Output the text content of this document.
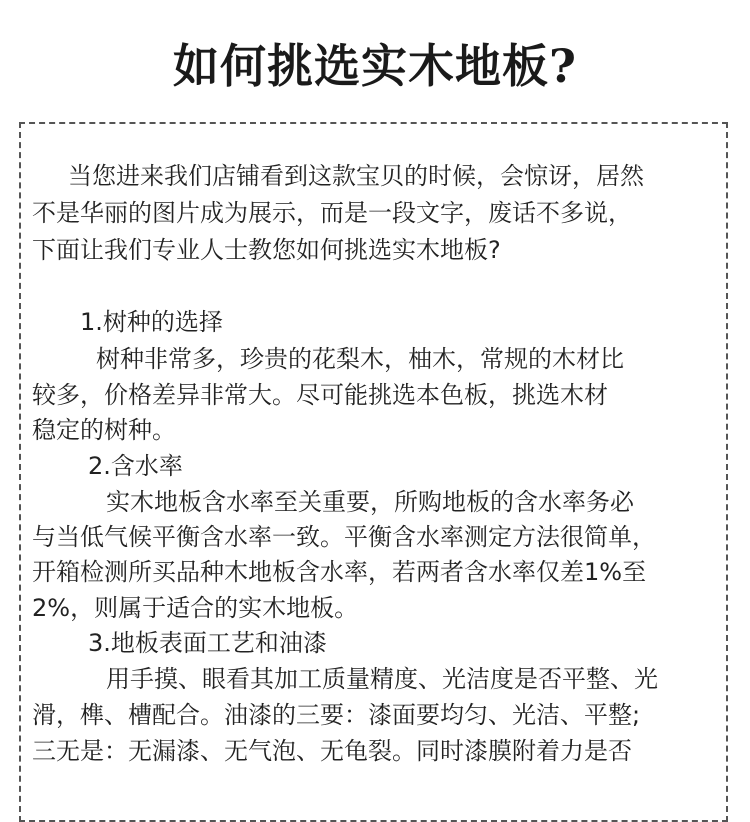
如何挑选实木地板?
当您进来我们店铺看到这款宝贝的时候，会惊讶，居然
不是华丽的图片成为展示，而是一段文字，废话不多说，
下面让我们专业人士教您如何挑选实木地板?
1.树种的选择
树种非常多，珍贵的花梨木，柚木，常规的木材比
较多，价格差异非常大。尽可能挑选本色板，挑选木材
稳定的树种。
2.含水率
实木地板含水率至关重要，所购地板的含水率务必
与当低气候平衡含水率一致。平衡含水率测定方法很简单，
开箱检测所买品种木地板含水率，若两者含水率仅差1%至
2%，则属于适合的实木地板。
3.地板表面工艺和油漆
用手摸、眼看其加工质量精度、光洁度是否平整、光
滑，榫、槽配合。油漆的三要：漆面要均匀、光洁、平整;
三无是：无漏漆、无气泡、无龟裂。同时漆膜附着力是否
